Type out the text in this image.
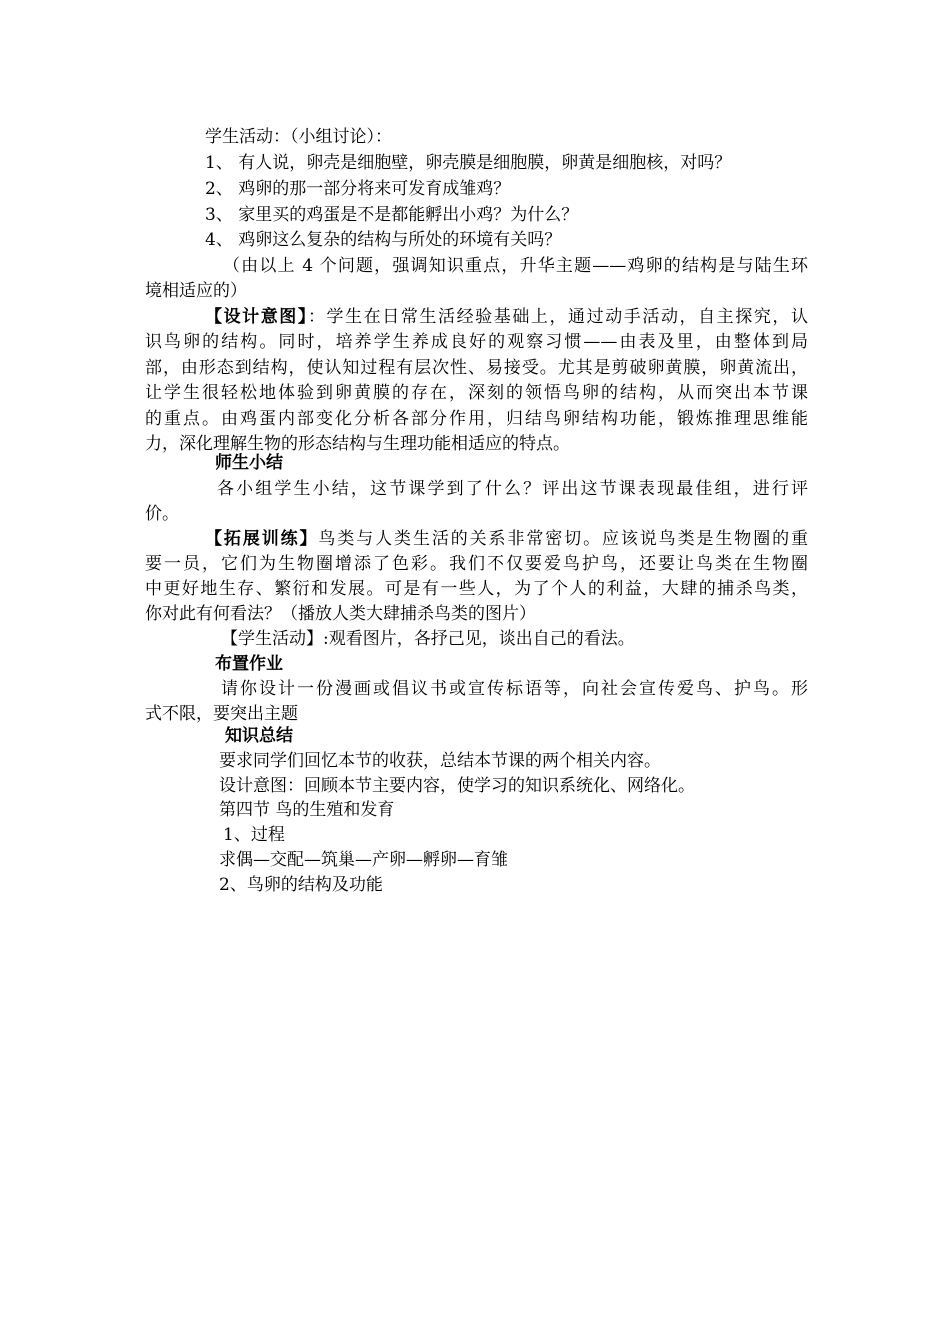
学生活动：（小组讨论）：
1、 有人说，卵壳是细胞壁，卵壳膜是细胞膜，卵黄是细胞核，对吗？
2、 鸡卵的那一部分将来可发育成雏鸡？
3、 家里买的鸡蛋是不是都能孵出小鸡？为什么？
4、 鸡卵这么复杂的结构与所处的环境有关吗？
（由以上 4 个问题，强调知识重点，升华主题——鸡卵的结构是与陆生环
境相适应的）
【设计意图】：学生在日常生活经验基础上，通过动手活动，自主探究，认
识鸟卵的结构。同时，培养学生养成良好的观察习惯——由表及里，由整体到局
部，由形态到结构，使认知过程有层次性、易接受。尤其是剪破卵黄膜，卵黄流出，
让学生很轻松地体验到卵黄膜的存在，深刻的领悟鸟卵的结构，从而突出本节课
的重点。由鸡蛋内部变化分析各部分作用，归结鸟卵结构功能，锻炼推理思维能
力，深化理解生物的形态结构与生理功能相适应的特点。
师生小结
各小组学生小结，这节课学到了什么？评出这节课表现最佳组，进行评
价。
【拓展训练】鸟类与人类生活的关系非常密切。应该说鸟类是生物圈的重
要一员，它们为生物圈增添了色彩。我们不仅要爱鸟护鸟，还要让鸟类在生物圈
中更好地生存、繁衍和发展。可是有一些人，为了个人的利益，大肆的捕杀鸟类，
你对此有何看法？（播放人类大肆捕杀鸟类的图片）
【学生活动】:观看图片，各抒己见，谈出自己的看法。
布置作业
请你设计一份漫画或倡议书或宣传标语等，向社会宣传爱鸟、护鸟。形
式不限，要突出主题
知识总结
要求同学们回忆本节的收获，总结本节课的两个相关内容。
设计意图：回顾本节主要内容，使学习的知识系统化、网络化。
第四节 鸟的生殖和发育
1、过程
求偶—交配—筑巢—产卵—孵卵—育雏
2、鸟卵的结构及功能
